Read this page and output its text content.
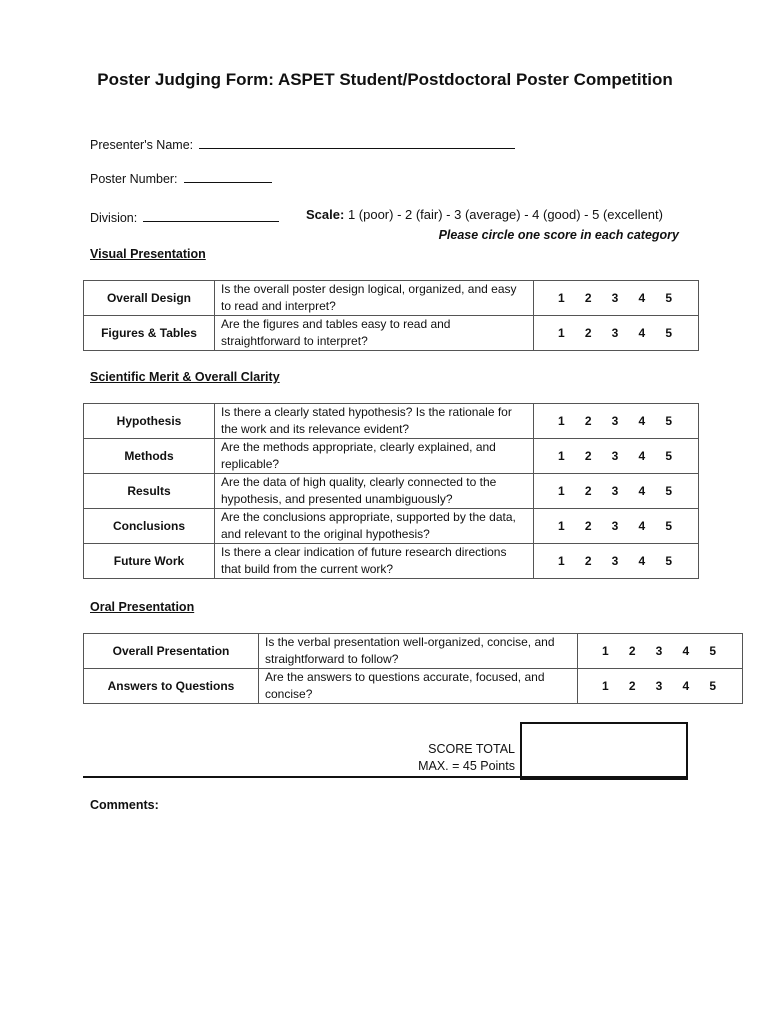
Poster Judging Form: ASPET Student/Postdoctoral Poster Competition
Presenter's Name:
Poster Number:
Division:	Scale: 1 (poor) - 2 (fair) - 3 (average) - 4 (good) - 5 (excellent)
Please circle one score in each category
Visual Presentation
Overall Design	Is the overall poster design logical, organized, and easy to read and interpret?	1 2 3 4 5

Figures & Tables	Are the figures and tables easy to read and straightforward to interpret?	1 2 3 4 5
Scientific Merit & Overall Clarity
Hypothesis	Is there a clearly stated hypothesis? Is the rationale for the work and its relevance evident?	1 2 3 4 5

Methods	Are the methods appropriate, clearly explained, and replicable?	1 2 3 4 5

Results	Are the data of high quality, clearly connected to the hypothesis, and presented unambiguously?	1 2 3 4 5

Conclusions	Are the conclusions appropriate, supported by the data, and relevant to the original hypothesis?	1 2 3 4 5

Future Work	Is there a clear indication of future research directions that build from the current work?	1 2 3 4 5
Oral Presentation
Overall Presentation	Is the verbal presentation well-organized, concise, and straightforward to follow?	1 2 3 4 5

Answers to Questions	Are the answers to questions accurate, focused, and concise?	1 2 3 4 5
SCORE TOTAL
MAX. = 45 Points
Comments:
